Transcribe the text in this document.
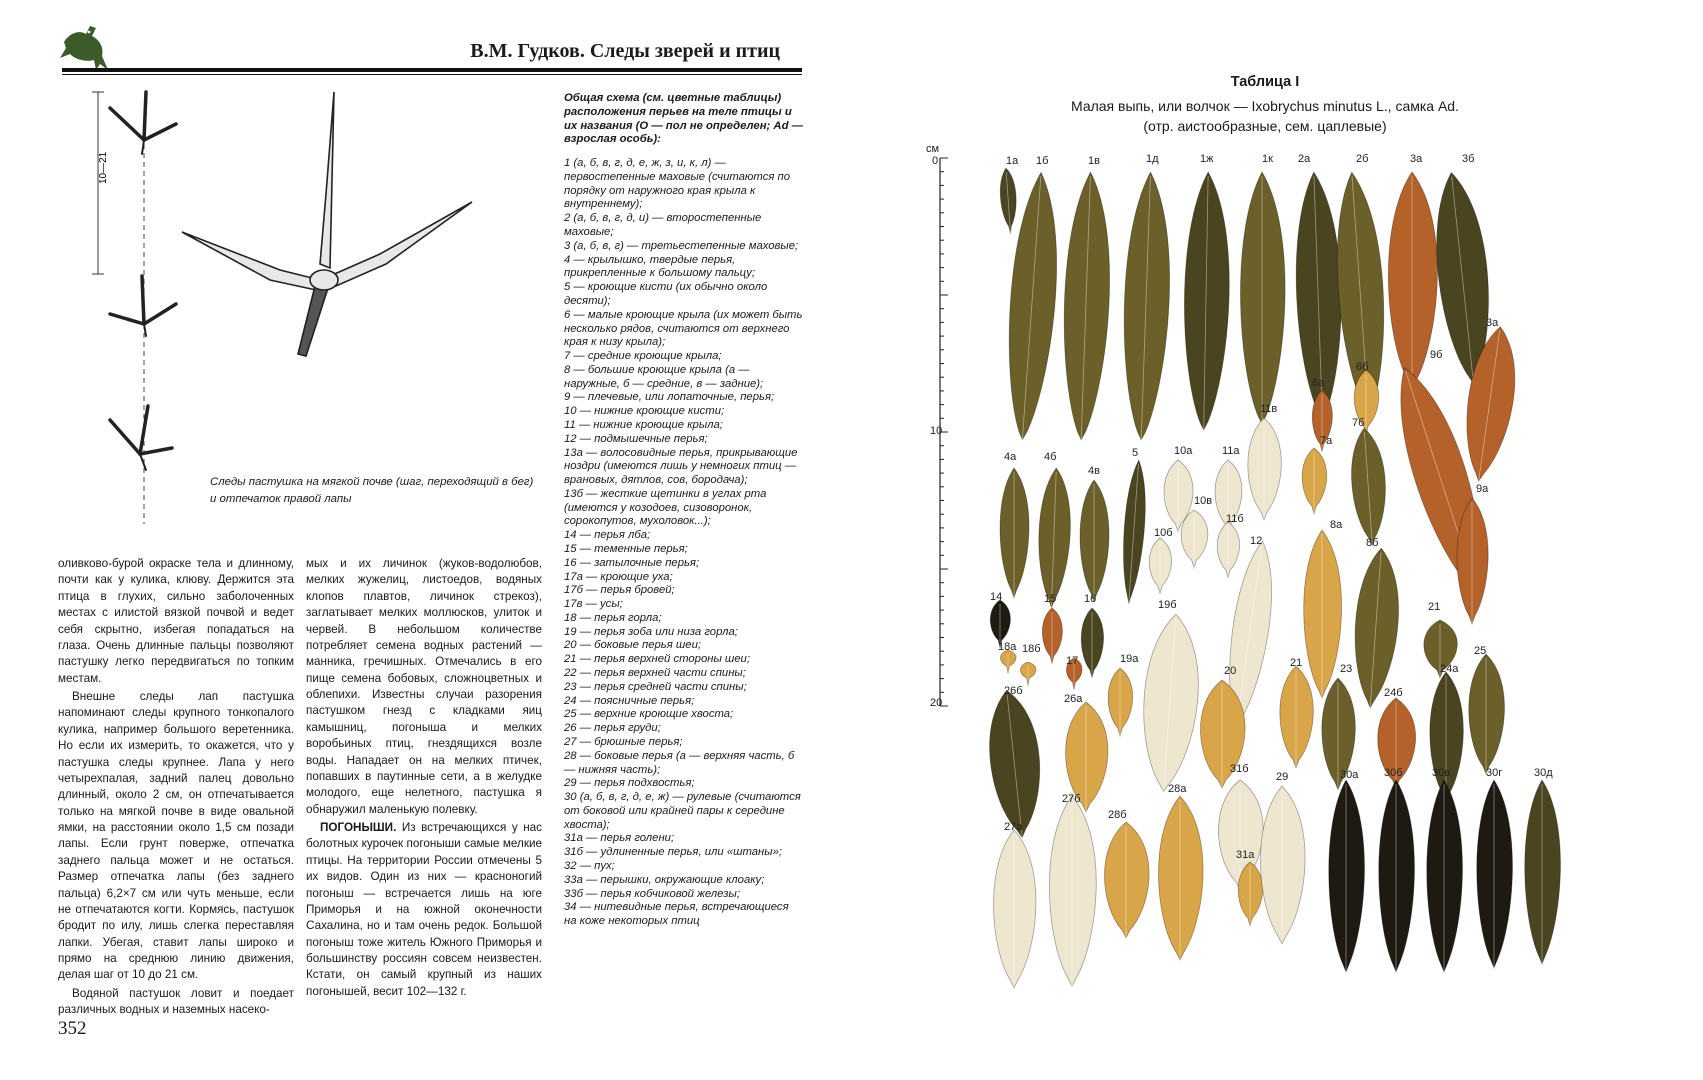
В.М. Гудков. Следы зверей и птиц
10—21
Следы пастушка на мягкой почве (шаг, переходящий в бег) и отпечаток правой лапы
Общая схема (см. цветные таблицы) расположения перьев на теле птицы и их названия (О — пол не определен; Ad — взрослая особь):
1 (а, б, в, г, д, е, ж, з, и, к, л) — первостепенные маховые (считаются по порядку от наружного края крыла к внутреннему);
2 (а, б, в, г, д, и) — второстепенные маховые;
3 (а, б, в, г) — третьестепенные маховые;
4 — крылышко, твердые перья, прикрепленные к большому пальцу;
5 — кроющие кисти (их обычно около десяти);
6 — малые кроющие крыла (их может быть несколько рядов, считаются от верхнего края к низу крыла);
7 — средние кроющие крыла;
8 — большие кроющие крыла (а — наружные, б — средние, в — задние);
9 — плечевые, или лопаточные, перья;
10 — нижние кроющие кисти;
11 — нижние кроющие крыла;
12 — подмышечные перья;
13а — волосовидные перья, прикрывающие ноздри (имеются лишь у немногих птиц — врановых, дятлов, сов, бородача);
13б — жесткие щетинки в углах рта (имеются у козодоев, сизоворонок, сорокопутов, мухоловок...);
14 — перья лба;
15 — теменные перья;
16 — затылочные перья;
17а — кроющие уха;
17б — перья бровей;
17в — усы;
18 — перья горла;
19 — перья зоба или низа горла;
20 — боковые перья шеи;
21 — перья верхней стороны шеи;
22 — перья верхней части спины;
23 — перья средней части спины;
24 — поясничные перья;
25 — верхние кроющие хвоста;
26 — перья груди;
27 — брюшные перья;
28 — боковые перья (а — верхняя часть, б — нижняя часть);
29 — перья подхвостья;
30 (а, б, в, г, д, е, ж) — рулевые (считаются от боковой или крайней пары к середине хвоста);
31а — перья голени;
31б — удлиненные перья, или «штаны»;
32 — пух;
33а — перышки, окружающие клоаку;
33б — перья кобчиковой железы;
34 — нитевидные перья, встречающиеся на коже некоторых птиц

оливково-бурой окраске тела и длинному, почти как у кулика, клюву. Держится эта птица в глухих, сильно заболоченных местах с илистой вязкой почвой и ведет себя скрытно, избегая попадаться на глаза. Очень длинные пальцы позволяют пастушку легко передвигаться по топким местам.

Внешне следы лап пастушка напоминают следы крупного тонкопалого кулика, например большого веретенника. Но если их измерить, то окажется, что у пастушка следы крупнее. Лапа у него четырехпалая, задний палец довольно длинный, около 2 см, он отпечатывается только на мягкой почве в виде овальной ямки, на расстоянии около 1,5 см позади лапы. Если грунт поверже, отпечатка заднего пальца может и не остаться. Размер отпечатка лапы (без заднего пальца) 6,2×7 см или чуть меньше, если не отпечатаются когти. Кормясь, пастушок бродит по илу, лишь слегка переставляя лапки. Убегая, ставит лапы широко и прямо на среднюю линию движения, делая шаг от 10 до 21 см.

Водяной пастушок ловит и поедает различных водных и наземных насеко-

мых и их личинок (жуков-водолюбов, мелких жужелиц, листоедов, водяных клопов плавтов, личинок стрекоз), заглатывает мелких моллюсков, улиток и червей. В небольшом количестве потребляет семена водных растений — манника, гречишных. Отмечались в его пище семена бобовых, сложноцветных и облепихи. Известны случаи разорения пастушком гнезд с кладками яиц камышниц, погоныша и мелких воробьиных птиц, гнездящихся возле воды. Нападает он на мелких птичек, попавших в паутинные сети, а в желудке молодого, еще нелетного, пастушка я обнаружил маленькую полевку.

ПОГОНЫШИ. Из встречающихся у нас болотных курочек погоныши самые мелкие птицы. На территории России отмечены 5 их видов. Один из них — красноногий погоныш — встречается лишь на юге Приморья и на южной оконечности Сахалина, но и там очень редок. Большой погоныш тоже житель Южного Приморья и большинству россиян совсем неизвестен. Кстати, он самый крупный из наших погонышей, весит 102—132 г.

352
Таблица I
Малая выпь, или волчок — Ixobrychus minutus L., самка Ad.
(отр. аистообразные, сем. цаплевые)
см
0
10
20
1а 1б	1в	1д	1ж	1к 2а	2б	3а	3б
3а
4а	4б
4в
5
6а
6б
7а
7б
8а
8б
9б
9а
10а
10в
10б
11а
11в
11б
12
14	15	16
18а 18б
17	19а
19б
20
21
21
23
24б
24а
25
26б
26а
27а
27б
28б
28а
31б
31а
29	30а 30б	30в	30г	30д
